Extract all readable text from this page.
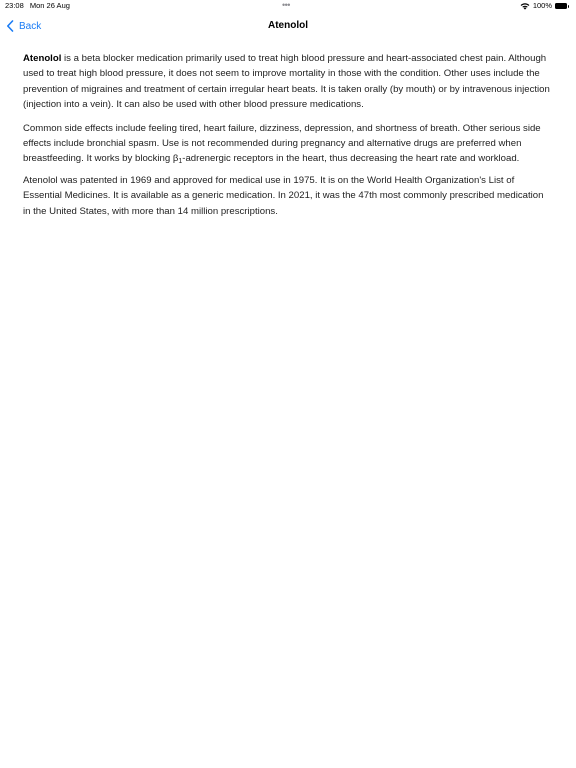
23:08 Mon 26 Aug	•••	100%
Back	Atenolol

Atenolol is a beta blocker medication primarily used to treat high blood pressure and heart-associated chest pain. Although used to treat high blood pressure, it does not seem to improve mortality in those with the condition. Other uses include the prevention of migraines and treatment of certain irregular heart beats. It is taken orally (by mouth) or by intravenous injection (injection into a vein). It can also be used with other blood pressure medications.

Common side effects include feeling tired, heart failure, dizziness, depression, and shortness of breath. Other serious side effects include bronchial spasm. Use is not recommended during pregnancy and alternative drugs are preferred when breastfeeding. It works by blocking $\beta_1$-adrenergic receptors in the heart, thus decreasing the heart rate and workload.

Atenolol was patented in 1969 and approved for medical use in 1975. It is on the World Health Organization's List of Essential Medicines. It is available as a generic medication. In 2021, it was the 47th most commonly prescribed medication in the United States, with more than 14 million prescriptions.
